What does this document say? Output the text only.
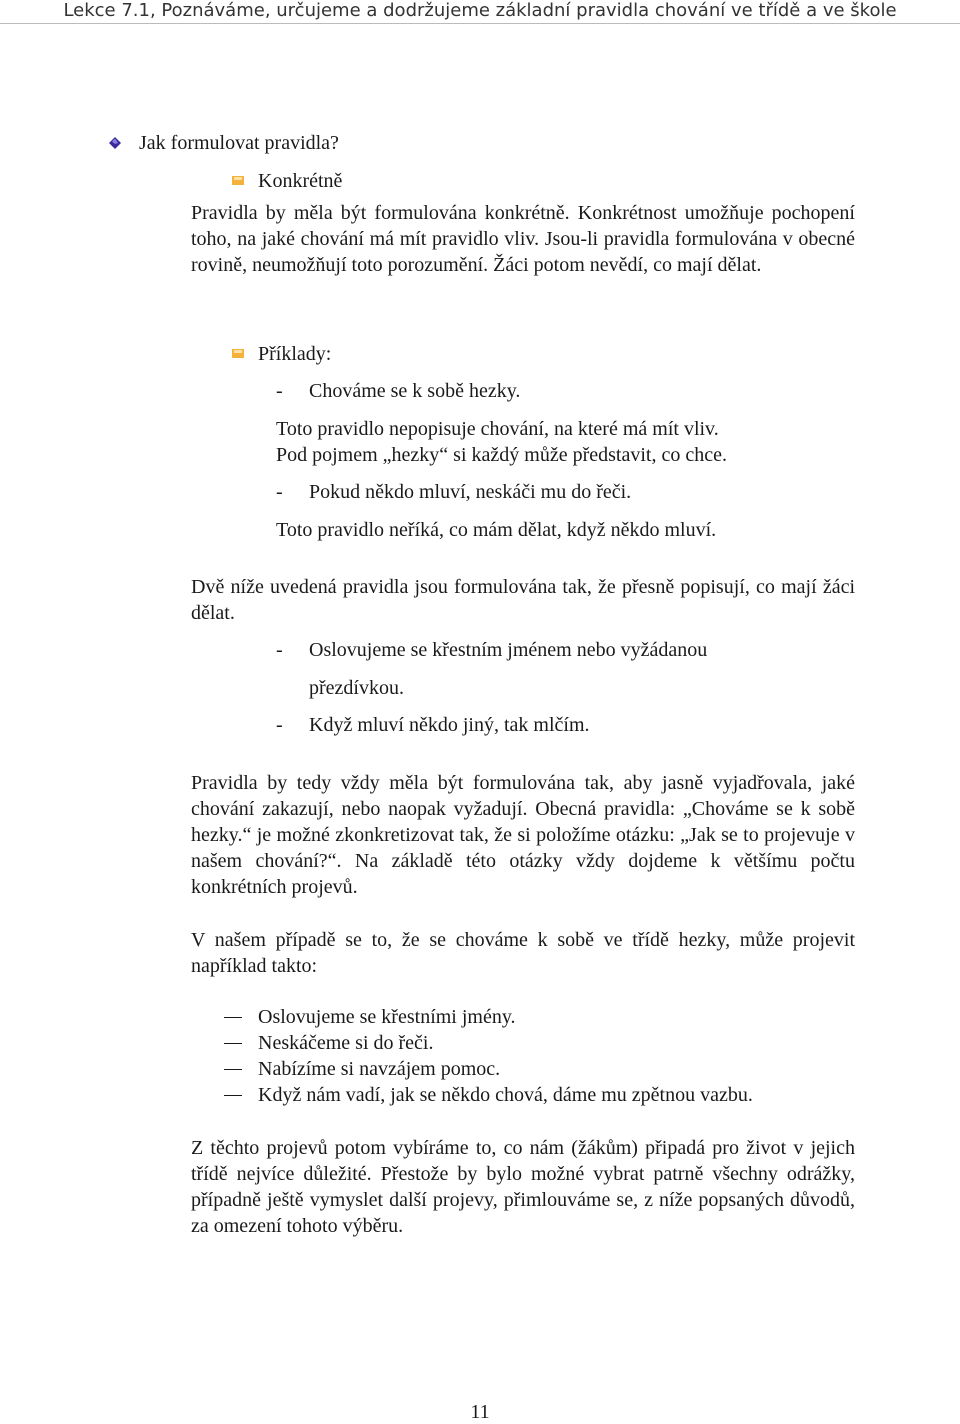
Lekce 7.1, Poznáváme, určujeme a dodržujeme základní pravidla chování ve třídě a ve škole
Jak formulovat pravidla?
Konkrétně
Pravidla by měla být formulována konkrétně. Konkrétnost umožňuje pochopení toho, na jaké chování má mít pravidlo vliv. Jsou-li pravidla formulována v obecné rovině, neumožňují toto porozumění. Žáci potom nevědí, co mají dělat.
Příklady:
- Chováme se k sobě hezky.
Toto pravidlo nepopisuje chování, na které má mít vliv.
Pod pojmem „hezky“ si každý může představit, co chce.
- Pokud někdo mluví, neskáči mu do řeči.
Toto pravidlo neříká, co mám dělat, když někdo mluví.
Dvě níže uvedená pravidla jsou formulována tak, že přesně popisují, co mají žáci dělat.
- Oslovujeme se křestním jménem nebo vyžádanou
přezdívkou.
- Když mluví někdo jiný, tak mlčím.
Pravidla by tedy vždy měla být formulována tak, aby jasně vyjadřovala, jaké chování zakazují, nebo naopak vyžadují. Obecná pravidla: „Chováme se k sobě hezky.“ je možné zkonkretizovat tak, že si položíme otázku: „Jak se to projevuje v našem chování?“. Na základě této otázky vždy dojdeme k většímu počtu konkrétních projevů.
V našem případě se to, že se chováme k sobě ve třídě hezky, může projevit například takto:
Oslovujeme se křestními jmény.
Neskáčeme si do řeči.
Nabízíme si navzájem pomoc.
Když nám vadí, jak se někdo chová, dáme mu zpětnou vazbu.
Z těchto projevů potom vybíráme to, co nám (žákům) připadá pro život v jejich třídě nejvíce důležité. Přestože by bylo možné vybrat patrně všechny odrážky, případně ještě vymyslet další projevy, přimlouváme se, z níže popsaných důvodů, za omezení tohoto výběru.
11
